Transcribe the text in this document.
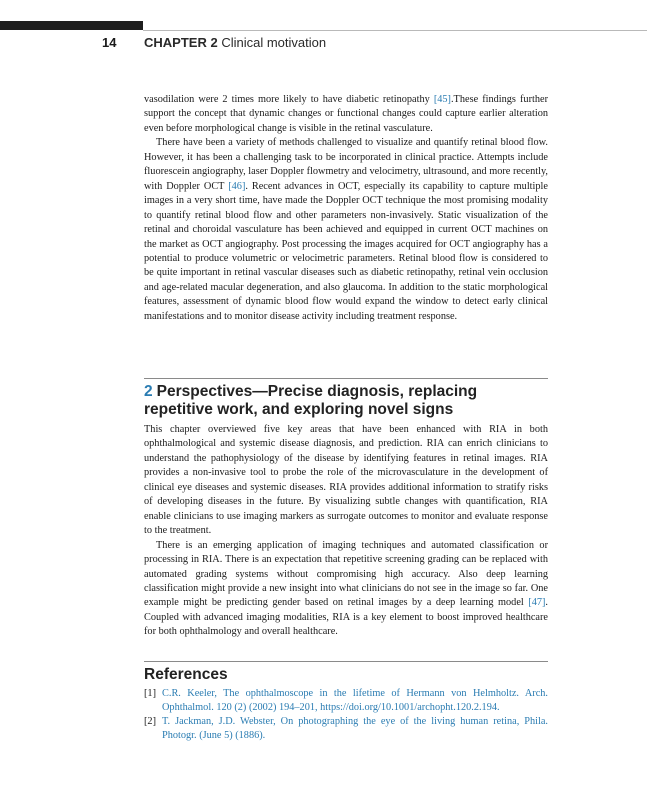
14 CHAPTER 2 Clinical motivation

vasodilation were 2 times more likely to have diabetic retinopathy [45].These findings further support the concept that dynamic changes or functional changes could capture earlier alteration even before morphological change is visible in the retinal vasculature.

There have been a variety of methods challenged to visualize and quantify retinal blood flow. However, it has been a challenging task to be incorporated in clinical practice. Attempts include fluorescein angiography, laser Doppler flowmetry and velocimetry, ultrasound, and more recently, with Doppler OCT [46]. Recent advances in OCT, especially its capability to capture multiple images in a very short time, have made the Doppler OCT technique the most promising modality to quantify retinal blood flow and other parameters non-invasively. Static visualization of the retinal and choroidal vasculature has been achieved and equipped in current OCT machines on the market as OCT angiography. Post processing the images acquired for OCT angiography has a potential to produce volumetric or velocimetric parameters. Retinal blood flow is considered to be quite important in retinal vascular diseases such as diabetic retinopathy, retinal vein occlusion and age-related macular degeneration, and also glaucoma. In addition to the static morphological features, assessment of dynamic blood flow would expand the window to detect early clinical manifestations and to monitor disease activity including treatment response.

2 Perspectives—Precise diagnosis, replacing repetitive work, and exploring novel signs

This chapter overviewed five key areas that have been enhanced with RIA in both ophthalmological and systemic disease diagnosis, and prediction. RIA can enrich clinicians to understand the pathophysiology of the disease by identifying features in retinal images. RIA provides a non-invasive tool to probe the role of the microvasculature in the development of clinical eye diseases and systemic diseases. RIA provides additional information to stratify risks of developing diseases in the future. By visualizing subtle changes with quantification, RIA enable clinicians to use imaging markers as surrogate outcomes to monitor and evaluate response to the treatment.

There is an emerging application of imaging techniques and automated classification or processing in RIA. There is an expectation that repetitive screening grading can be replaced with automated grading systems without compromising high accuracy. Also deep learning classification might provide a new insight into what clinicians do not see in the image so far. One example might be predicting gender based on retinal images by a deep learning model [47]. Coupled with advanced imaging modalities, RIA is a key element to boost improved healthcare for both ophthalmology and overall healthcare.

References
[1] C.R. Keeler, The ophthalmoscope in the lifetime of Hermann von Helmholtz. Arch. Ophthalmol. 120 (2) (2002) 194–201, https://doi.org/10.1001/archopht.120.2.194.
[2] T. Jackman, J.D. Webster, On photographing the eye of the living human retina, Phila. Photogr. (June 5) (1886).
